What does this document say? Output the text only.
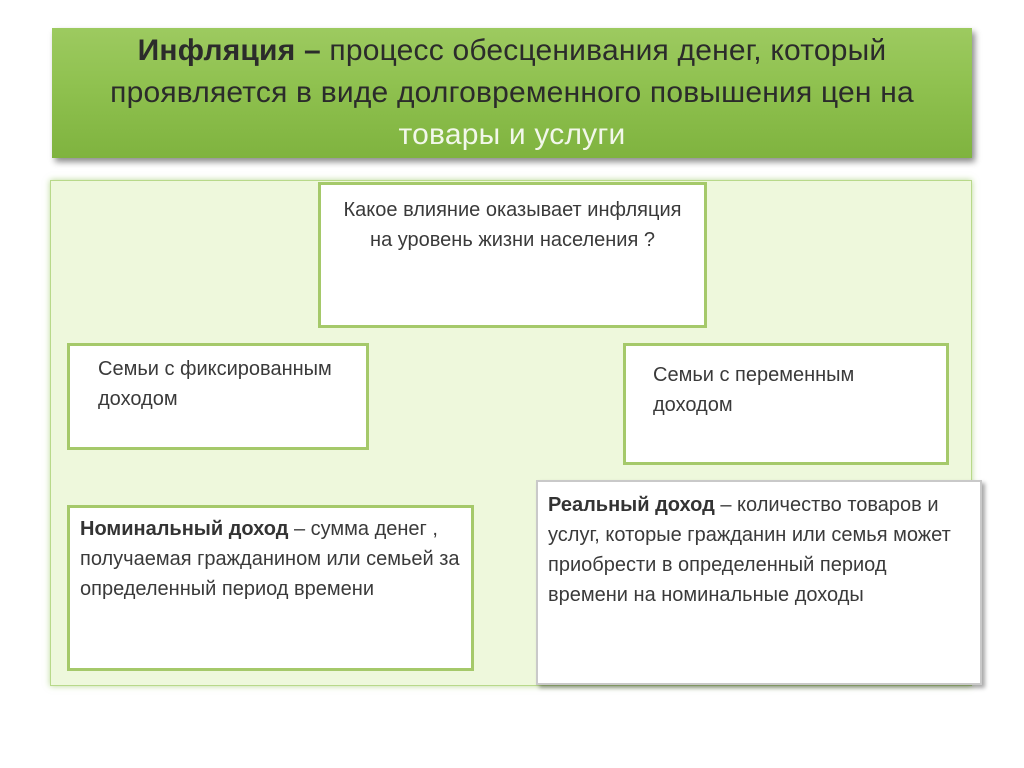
Инфляция – процесс обесценивания денег, который проявляется в виде долговременного повышения цен на товары и услуги
Какое влияние оказывает инфляция на уровень жизни населения ?
Семьи с фиксированным доходом
Семьи с переменным доходом
Номинальный доход – сумма денег , получаемая гражданином или семьей за определенный период времени
Реальный доход – количество товаров и услуг, которые гражданин или семья может приобрести в определенный период времени на номинальные доходы
